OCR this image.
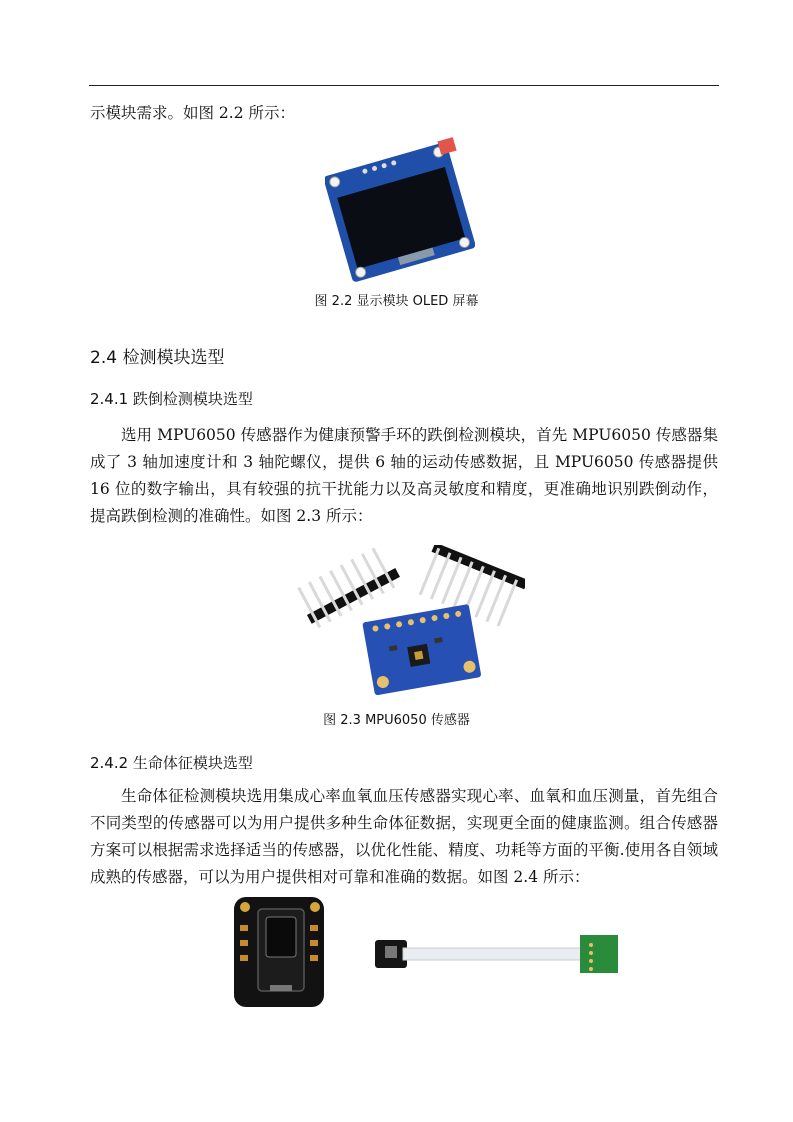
示模块需求。如图 2.2 所示：

图 2.2 显示模块 OLED 屏幕
2.4 检测模块选型
2.4.1 跌倒检测模块选型

选用 MPU6050 传感器作为健康预警手环的跌倒检测模块，首先 MPU6050 传感器集成了 3 轴加速度计和 3 轴陀螺仪，提供 6 轴的运动传感数据，且 MPU6050 传感器提供 16 位的数字输出，具有较强的抗干扰能力以及高灵敏度和精度，更准确地识别跌倒动作，提高跌倒检测的准确性。如图 2.3 所示：

图 2.3 MPU6050 传感器
2.4.2 生命体征模块选型

生命体征检测模块选用集成心率血氧血压传感器实现心率、血氧和血压测量，首先组合不同类型的传感器可以为用户提供多种生命体征数据，实现更全面的健康监测。组合传感器方案可以根据需求选择适当的传感器，以优化性能、精度、功耗等方面的平衡.使用各自领域成熟的传感器，可以为用户提供相对可靠和准确的数据。如图 2.4 所示：
